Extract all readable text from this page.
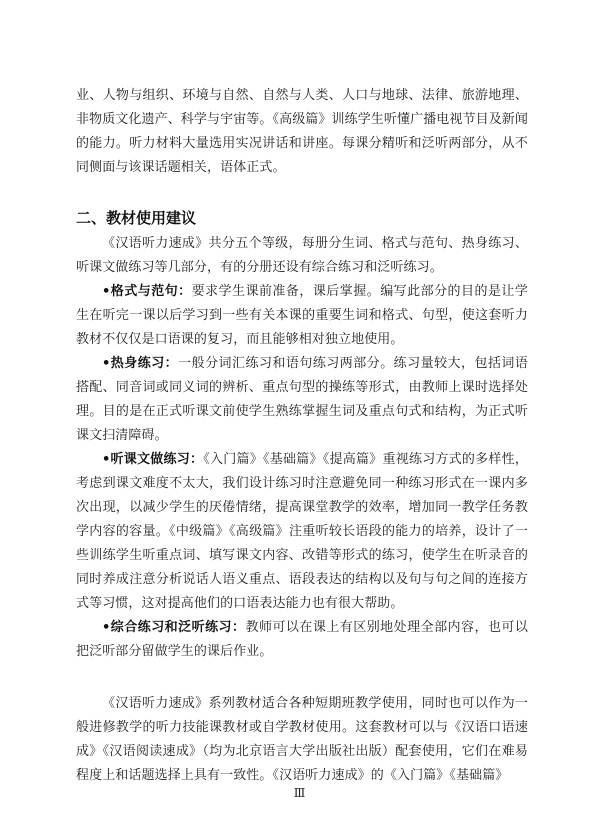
业、人物与组织、环境与自然、自然与人类、人口与地球、法律、旅游地理、非物质文化遗产、科学与宇宙等。《高级篇》训练学生听懂广播电视节目及新闻的能力。听力材料大量选用实况讲话和讲座。每课分精听和泛听两部分，从不同侧面与该课话题相关，语体正式。

二、教材使用建议

《汉语听力速成》共分五个等级，每册分生词、格式与范句、热身练习、听课文做练习等几部分，有的分册还设有综合练习和泛听练习。

•格式与范句：要求学生课前准备，课后掌握。编写此部分的目的是让学生在听完一课以后学习到一些有关本课的重要生词和格式、句型，使这套听力教材不仅仅是口语课的复习，而且能够相对独立地使用。

•热身练习：一般分词汇练习和语句练习两部分。练习量较大，包括词语搭配、同音词或同义词的辨析、重点句型的操练等形式，由教师上课时选择处理。目的是在正式听课文前使学生熟练掌握生词及重点句式和结构，为正式听课文扫清障碍。

•听课文做练习：《入门篇》《基础篇》《提高篇》重视练习方式的多样性，考虑到课文难度不太大，我们设计练习时注意避免同一种练习形式在一课内多次出现，以减少学生的厌倦情绪，提高课堂教学的效率，增加同一教学任务教学内容的容量。《中级篇》《高级篇》注重听较长语段的能力的培养，设计了一些训练学生听重点词、填写课文内容、改错等形式的练习，使学生在听录音的同时养成注意分析说话人语义重点、语段表达的结构以及句与句之间的连接方式等习惯，这对提高他们的口语表达能力也有很大帮助。

•综合练习和泛听练习：教师可以在课上有区别地处理全部内容，也可以把泛听部分留做学生的课后作业。

《汉语听力速成》系列教材适合各种短期班教学使用，同时也可以作为一般进修教学的听力技能课教材或自学教材使用。这套教材可以与《汉语口语速成》《汉语阅读速成》（均为北京语言大学出版社出版）配套使用，它们在难易程度上和话题选择上具有一致性。《汉语听力速成》的《入门篇》《基础篇》

Ⅲ
